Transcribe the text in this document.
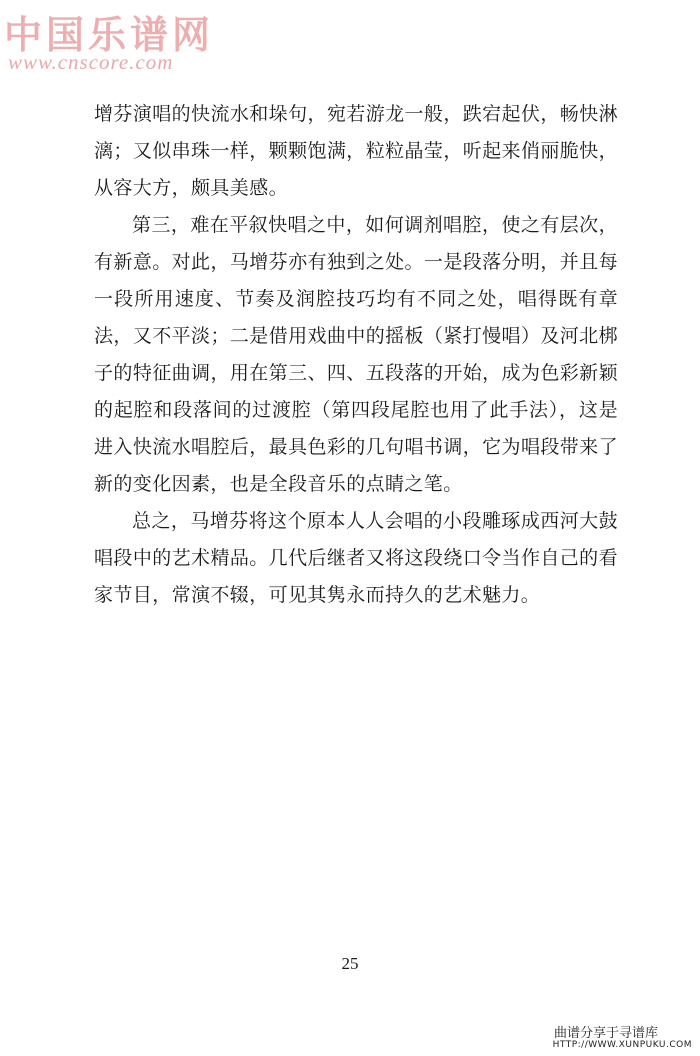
中国乐谱网
www.cnscore.com

增芬演唱的快流水和垛句，宛若游龙一般，跌宕起伏，畅快淋漓；又似串珠一样，颗颗饱满，粒粒晶莹，听起来俏丽脆快，从容大方，颇具美感。

第三，难在平叙快唱之中，如何调剂唱腔，使之有层次，有新意。对此，马增芬亦有独到之处。一是段落分明，并且每一段所用速度、节奏及润腔技巧均有不同之处，唱得既有章法，又不平淡；二是借用戏曲中的摇板（紧打慢唱）及河北梆子的特征曲调，用在第三、四、五段落的开始，成为色彩新颖的起腔和段落间的过渡腔（第四段尾腔也用了此手法），这是进入快流水唱腔后，最具色彩的几句唱书调，它为唱段带来了新的变化因素，也是全段音乐的点睛之笔。

总之，马增芬将这个原本人人会唱的小段雕琢成西河大鼓唱段中的艺术精品。几代后继者又将这段绕口令当作自己的看家节目，常演不辍，可见其隽永而持久的艺术魅力。

25
曲谱分享于寻谱库
HTTP://WWW.XUNPUKU.COM
